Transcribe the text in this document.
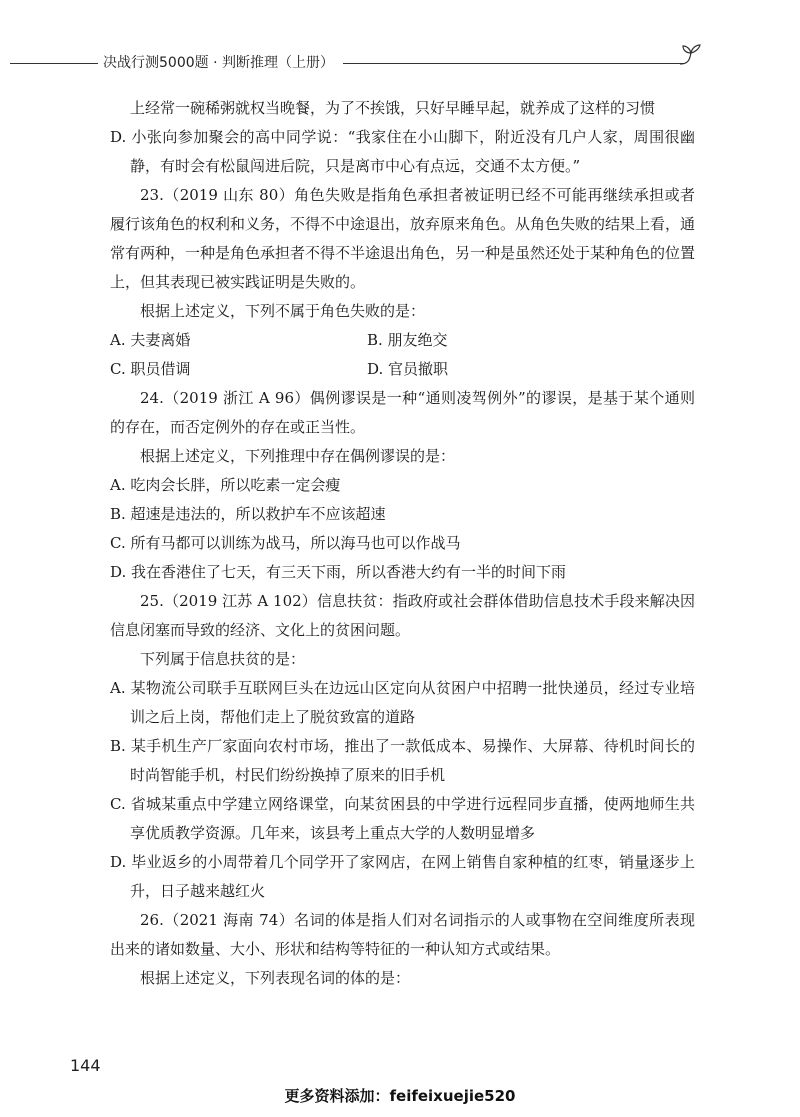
决战行测5000题 · 判断推理（上册）

上经常一碗稀粥就权当晚餐，为了不挨饿，只好早睡早起，就养成了这样的习惯

D. 小张向参加聚会的高中同学说：“我家住在小山脚下，附近没有几户人家，周围很幽静，有时会有松鼠闯进后院，只是离市中心有点远，交通不太方便。”

23.（2019 山东 80）角色失败是指角色承担者被证明已经不可能再继续承担或者履行该角色的权利和义务，不得不中途退出，放弃原来角色。从角色失败的结果上看，通常有两种，一种是角色承担者不得不半途退出角色，另一种是虽然还处于某种角色的位置上，但其表现已被实践证明是失败的。

根据上述定义，下列不属于角色失败的是：

A. 夫妻离婚	B. 朋友绝交
C. 职员借调	D. 官员撤职

24.（2019 浙江 A 96）偶例谬误是一种“通则凌驾例外”的谬误，是基于某个通则的存在，而否定例外的存在或正当性。

根据上述定义，下列推理中存在偶例谬误的是：

A. 吃肉会长胖，所以吃素一定会瘦

B. 超速是违法的，所以救护车不应该超速

C. 所有马都可以训练为战马，所以海马也可以作战马

D. 我在香港住了七天，有三天下雨，所以香港大约有一半的时间下雨

25.（2019 江苏 A 102）信息扶贫：指政府或社会群体借助信息技术手段来解决因信息闭塞而导致的经济、文化上的贫困问题。

下列属于信息扶贫的是：

A. 某物流公司联手互联网巨头在边远山区定向从贫困户中招聘一批快递员，经过专业培训之后上岗，帮他们走上了脱贫致富的道路

B. 某手机生产厂家面向农村市场，推出了一款低成本、易操作、大屏幕、待机时间长的时尚智能手机，村民们纷纷换掉了原来的旧手机

C. 省城某重点中学建立网络课堂，向某贫困县的中学进行远程同步直播，使两地师生共享优质教学资源。几年来，该县考上重点大学的人数明显增多

D. 毕业返乡的小周带着几个同学开了家网店，在网上销售自家种植的红枣，销量逐步上升，日子越来越红火

26.（2021 海南 74）名词的体是指人们对名词指示的人或事物在空间维度所表现出来的诸如数量、大小、形状和结构等特征的一种认知方式或结果。

根据上述定义，下列表现名词的体的是：

144
更多资料添加：feifeixuejie520
